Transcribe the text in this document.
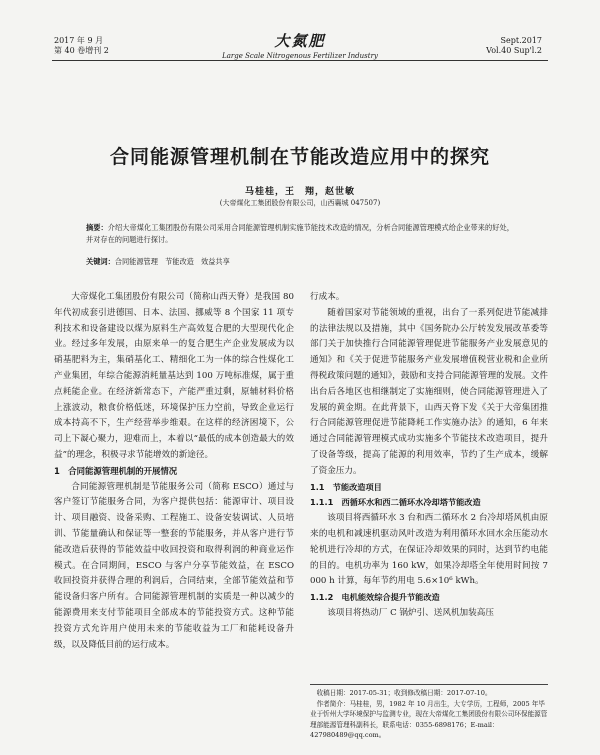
2017 年 9 月
第 40 卷增刊 2
大氮肥
Large Scale Nitrogenous Fertilizer Industry
Sept.2017
Vol.40 Sup'l.2
合同能源管理机制在节能改造应用中的探究
马桂桂，王　翔，赵世敏
(大帝煤化工集团股份有限公司，山西襄城 047507)
摘要：介绍大帝煤化工集团股份有限公司采用合同能源管理机制实施节能技术改造的情况，分析合同能源管理模式给企业带来的好处，并对存在的问题进行探讨。
关键词：合同能源管理　节能改造　效益共享

大帝煤化工集团股份有限公司（简称山西天脊）是我国 80 年代初成套引进德国、日本、法国、挪威等 8 个国家 11 项专利技术和设备建设以煤为原料生产高效复合肥的大型现代化企业。经过多年发展，由原来单一的复合肥生产企业发展成为以硝基肥料为主，集硝基化工、精细化工为一体的综合性煤化工产业集团，年综合能源消耗量基达到 100 万吨标准煤，属于重点耗能企业。在经济新常态下，产能严重过剩，原辅材料价格上涨波动，粮食价格低迷，环境保护压力空前，导致企业运行成本持高不下，生产经营举步维艰。在这样的经济困境下，公司上下凝心聚力，迎难而上，本着以“最低的成本创造最大的效益”的理念，积极寻求节能增效的新途径。

1　合同能源管理机制的开展情况

合同能源管理机制是节能服务公司（简称 ESCO）通过与客户签订节能服务合同，为客户提供包括：能源审计、项目设计、项目融资、设备采购、工程施工、设备安装调试、人员培训、节能量确认和保证等一整套的节能服务，并从客户进行节能改造后获得的节能效益中收回投资和取得利润的种商业运作模式。在合同期间，ESCO 与客户分享节能效益，在 ESCO 收回投资并获得合理的利润后，合同结束，全部节能效益和节能设备归客户所有。合同能源管理机制的实质是一种以减少的能源费用来支付节能项目全部成本的节能投资方式。这种节能投资方式允许用户使用未来的节能收益为工厂和能耗设备升级，以及降低目前的运行成本。

行成本。

随着国家对节能领域的重视，出台了一系列促进节能减排的法律法规以及措施，其中《国务院办公厅转发发展改革委等部门关于加快推行合同能源管理促进节能服务产业发展意见的通知》和《关于促进节能服务产业发展增值税营业税和企业所得税政策问题的通知》，鼓励和支持合同能源管理的发展。文件出台后各地区也相继制定了实施细则，使合同能源管理进入了发展的黄金期。在此背景下，山西天脊下发《关于大帝集团推行合同能源管理促进节能降耗工作实施办法》的通知，6 年来通过合同能源管理模式成功实施多个节能技术改造项目，提升了设备等级，提高了能源的利用效率，节约了生产成本，缓解了资金压力。

1.1　节能改造项目

1.1.1　西循环水和西二循环水冷却塔节能改造

该项目将西循环水 3 台和西二循环水 2 台冷却塔风机由原来的电机和减速机驱动风叶改造为利用循环水回水余压能动水轮机进行冷却的方式，在保证冷却效果的同时，达到节约电能的目的。电机功率为 160 kW，如果冷却塔全年使用时间按 7 000 h 计算，每年节约用电 5.6×10⁶ kWh。

1.1.2　电机能效综合提升节能改造

该项目将热动厂 C 锅炉引、送风机加装高压

收稿日期：2017-05-31；收到修改稿日期：2017-07-10。
作者简介：马桂桂，男，1982 年 10 月出生，大专学历，工程师，2005 年毕业于忻州大学环境保护与监测专业，现在大帝煤化工集团股份有限公司环保能源管理部能源管理科副科长，联系电话：0355-6898176；E-mail：427980489@qq.com。
